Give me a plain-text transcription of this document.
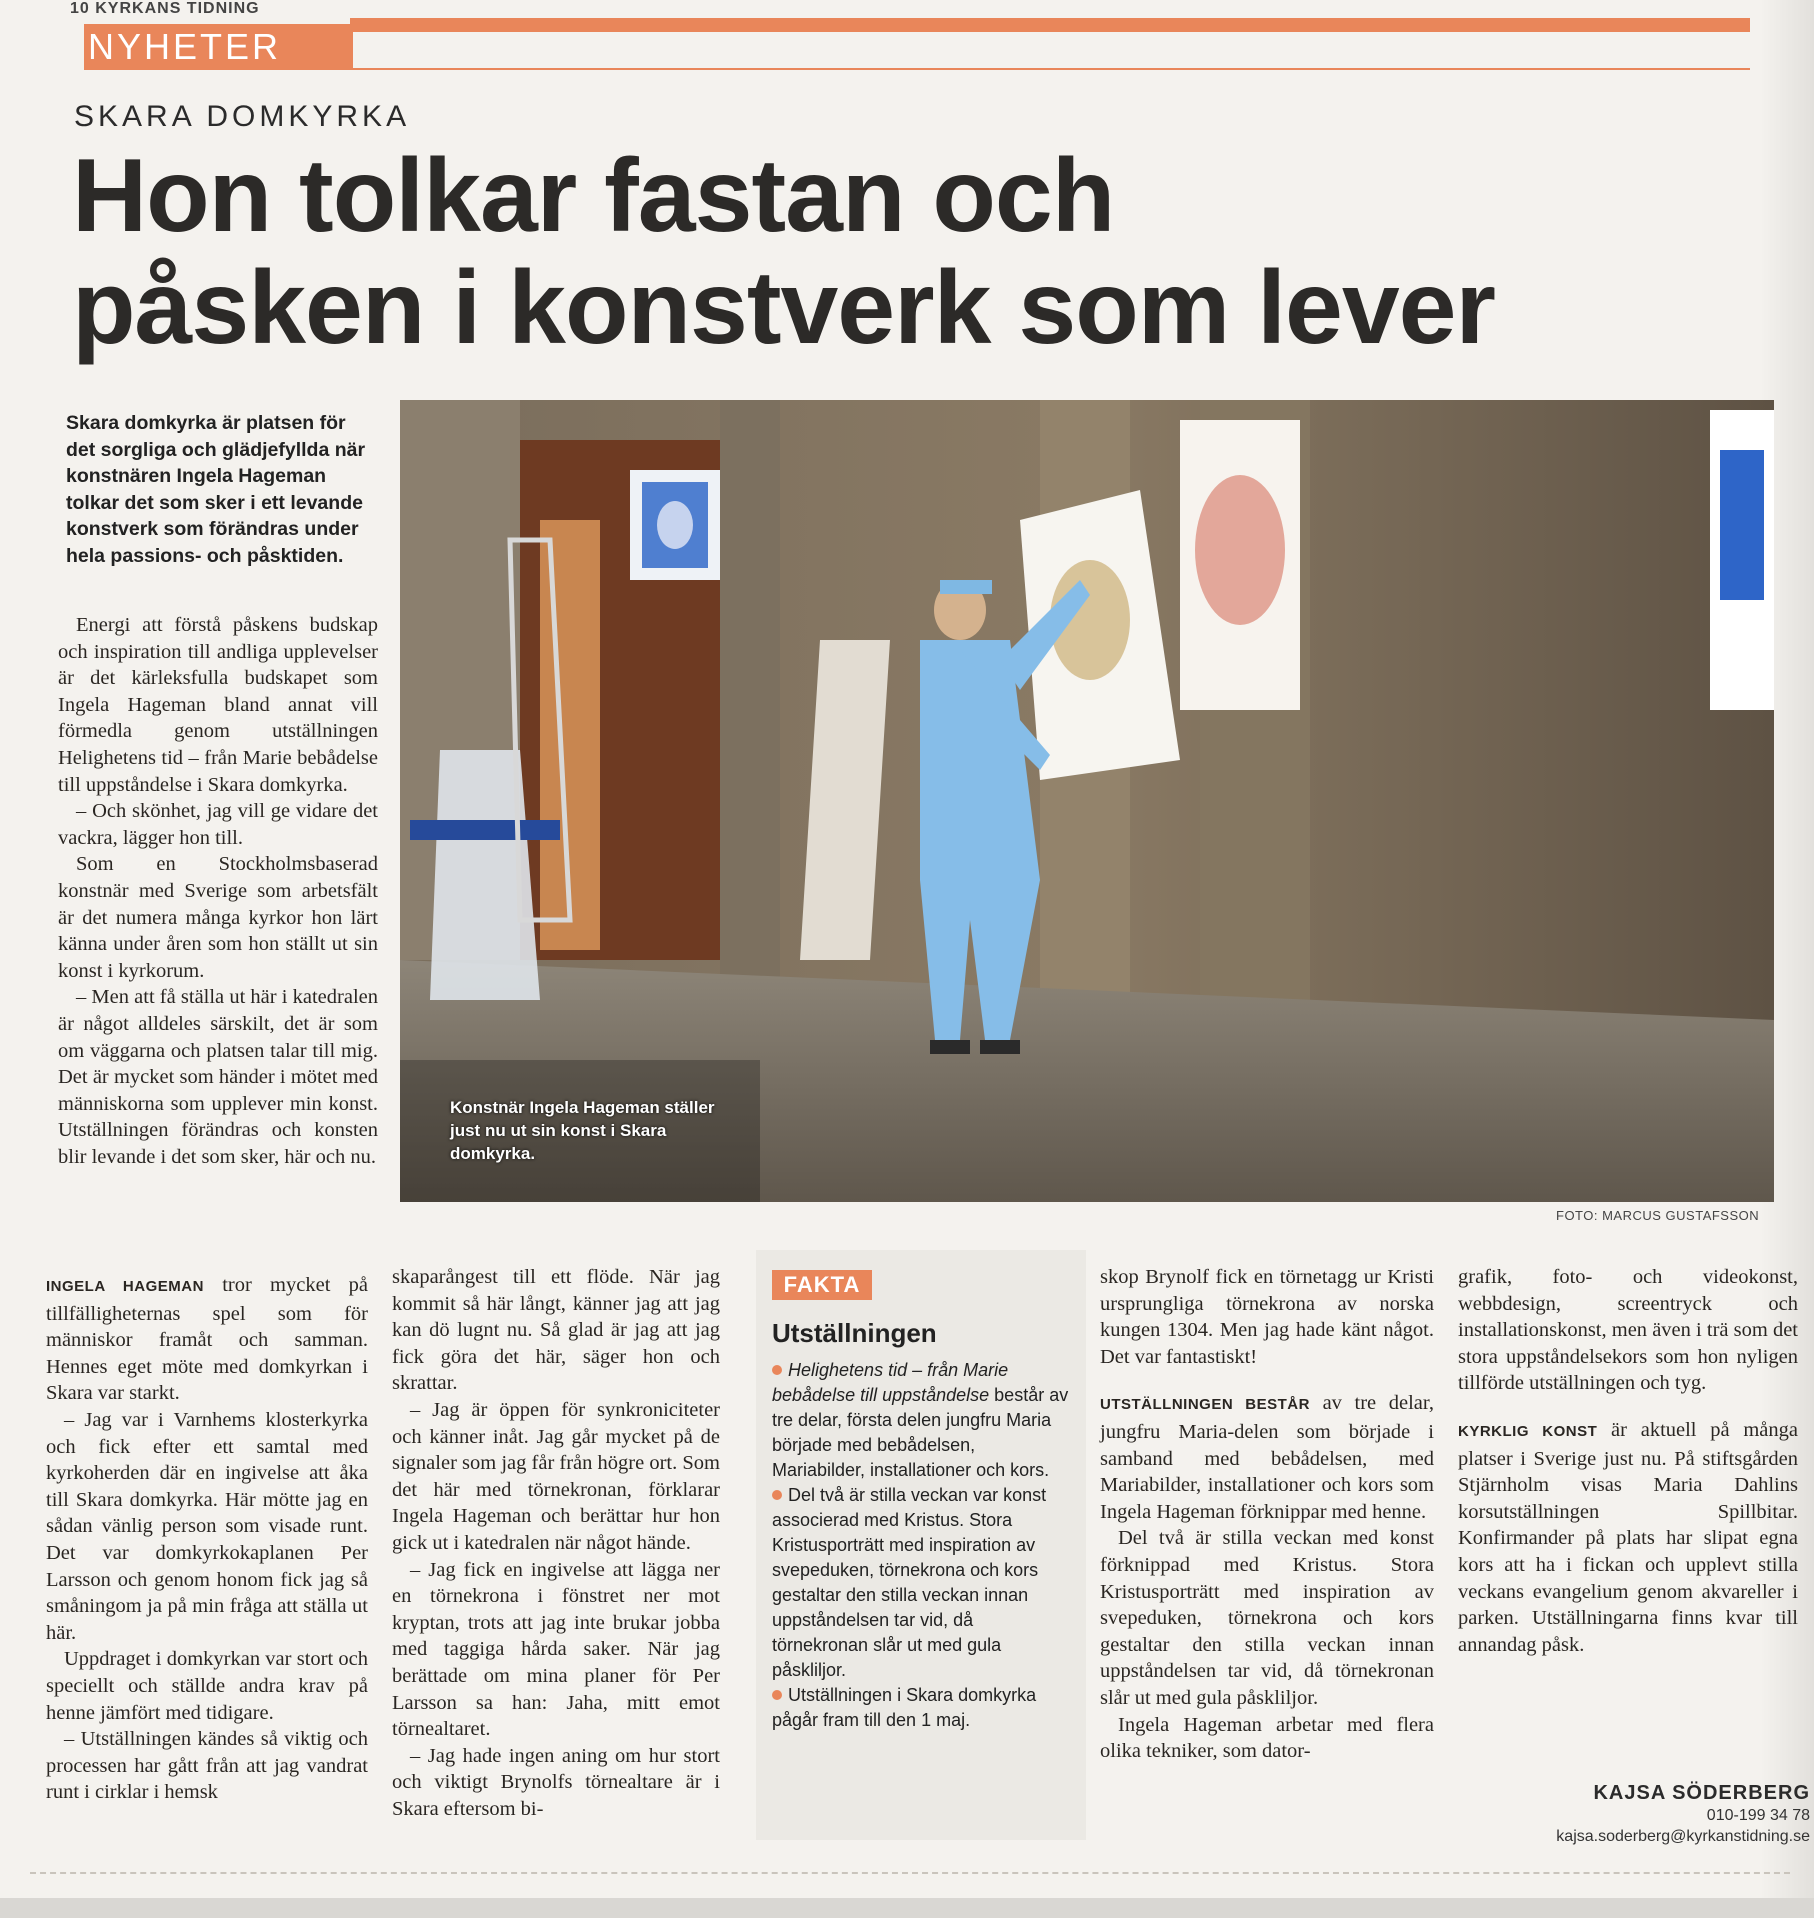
10 KYRKANS TIDNING
NYHETER
SKARA DOMKYRKA
Hon tolkar fastan och
påsken i konstverk som lever
Skara domkyrka är platsen för det sorgliga och glädjefyllda när konstnären Ingela Hageman tolkar det som sker i ett levande konstverk som förändras under hela passions- och påsktiden.

Energi att förstå påskens budskap och inspiration till andliga upplevelser är det kärleksfulla budskapet som Ingela Hageman bland annat vill förmedla genom utställningen Helighetens tid – från Marie bebådelse till uppståndelse i Skara domkyrka.

– Och skönhet, jag vill ge vidare det vackra, lägger hon till.

Som en Stockholmsbaserad konstnär med Sverige som arbetsfält är det numera många kyrkor hon lärt känna under åren som hon ställt ut sin konst i kyrkorum.

– Men att få ställa ut här i katedralen är något alldeles särskilt, det är som om väggarna och platsen talar till mig. Det är mycket som händer i mötet med människorna som upplever min konst. Utställningen förändras och konsten blir levande i det som sker, här och nu.

Konstnär Ingela Hageman ställer just nu ut sin konst i Skara domkyrka.
FOTO: MARCUS GUSTAFSSON

INGELA HAGEMAN tror mycket på tillfälligheternas spel som för människor framåt och samman. Hennes eget möte med domkyrkan i Skara var starkt.

– Jag var i Varnhems klosterkyrka och fick efter ett samtal med kyrkoherden där en ingivelse att åka till Skara domkyrka. Här mötte jag en sådan vänlig person som visade runt. Det var domkyrkokaplanen Per Larsson och genom honom fick jag så småningom ja på min fråga att ställa ut här.

Uppdraget i domkyrkan var stort och speciellt och ställde andra krav på henne jämfört med tidigare.

– Utställningen kändes så viktig och processen har gått från att jag vandrat runt i cirklar i hemsk

skaparångest till ett flöde. När jag kommit så här långt, känner jag att jag kan dö lugnt nu. Så glad är jag att jag fick göra det här, säger hon och skrattar.

– Jag är öppen för synkroniciteter och känner inåt. Jag går mycket på de signaler som jag får från högre ort. Som det här med törnekronan, förklarar Ingela Hageman och berättar hur hon gick ut i katedralen när något hände.

– Jag fick en ingivelse att lägga ner en törnekrona i fönstret ner mot kryptan, trots att jag inte brukar jobba med taggiga hårda saker. När jag berättade om mina planer för Per Larsson sa han: Jaha, mitt emot törnealtaret.

– Jag hade ingen aning om hur stort och viktigt Brynolfs törnealtare är i Skara eftersom bi-

FAKTA
Utställningen

Helighetens tid – från Marie bebådelse till uppståndelse består av tre delar, första delen jungfru Maria började med bebådelsen, Mariabilder, installationer och kors.

Del två är stilla veckan var konst associerad med Kristus. Stora Kristusporträtt med inspiration av svepeduken, törnekrona och kors gestaltar den stilla veckan innan uppståndelsen tar vid, då törnekronan slår ut med gula påskliljor.

Utställningen i Skara domkyrka pågår fram till den 1 maj.

skop Brynolf fick en törnetagg ur Kristi ursprungliga törnekrona av norska kungen 1304. Men jag hade känt något. Det var fantastiskt!

UTSTÄLLNINGEN BESTÅR av tre delar, jungfru Maria-delen som började i samband med bebådelsen, med Mariabilder, installationer och kors som Ingela Hageman förknippar med henne.

Del två är stilla veckan med konst förknippad med Kristus. Stora Kristusporträtt med inspiration av svepeduken, törnekrona och kors gestaltar den stilla veckan innan uppståndelsen tar vid, då törnekronan slår ut med gula påskliljor.

Ingela Hageman arbetar med flera olika tekniker, som dator-

grafik, foto- och videokonst, webbdesign, screentryck och installationskonst, men även i trä som det stora uppståndelsekors som hon nyligen tillförde utställningen och tyg.

KYRKLIG KONST är aktuell på många platser i Sverige just nu. På stiftsgården Stjärnholm visas Maria Dahlins korsutställningen Spillbitar. Konfirmander på plats har slipat egna kors att ha i fickan och upplevt stilla veckans evangelium genom akvareller i parken. Utställningarna finns kvar till annandag påsk.

KAJSA SÖDERBERG
010-199 34 78
kajsa.soderberg@kyrkanstidning.se
